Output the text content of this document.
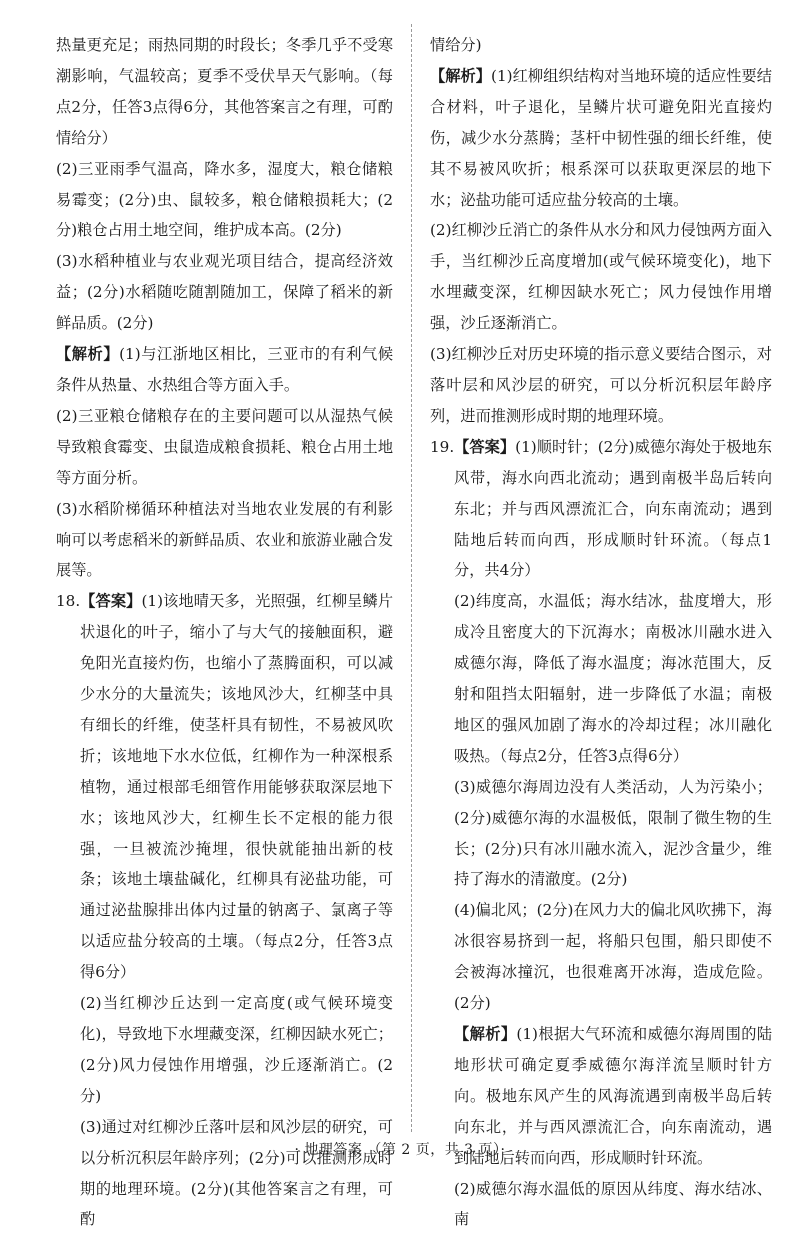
热量更充足；雨热同期的时段长；冬季几乎不受寒潮影响，气温较高；夏季不受伏旱天气影响。（每点2分，任答3点得6分，其他答案言之有理，可酌情给分）

(2)三亚雨季气温高，降水多，湿度大，粮仓储粮易霉变；(2分)虫、鼠较多，粮仓储粮损耗大；(2分)粮仓占用土地空间，维护成本高。(2分)

(3)水稻种植业与农业观光项目结合，提高经济效益；(2分)水稻随吃随割随加工，保障了稻米的新鲜品质。(2分)

【解析】(1)与江浙地区相比，三亚市的有利气候条件从热量、水热组合等方面入手。

(2)三亚粮仓储粮存在的主要问题可以从湿热气候导致粮食霉变、虫鼠造成粮食损耗、粮仓占用土地等方面分析。

(3)水稻阶梯循环种植法对当地农业发展的有利影响可以考虑稻米的新鲜品质、农业和旅游业融合发展等。

18.【答案】(1)该地晴天多，光照强，红柳呈鳞片状退化的叶子，缩小了与大气的接触面积，避免阳光直接灼伤，也缩小了蒸腾面积，可以减少水分的大量流失；该地风沙大，红柳茎中具有细长的纤维，使茎杆具有韧性，不易被风吹折；该地地下水水位低，红柳作为一种深根系植物，通过根部毛细管作用能够获取深层地下水；该地风沙大，红柳生长不定根的能力很强，一旦被流沙掩埋，很快就能抽出新的枝条；该地土壤盐碱化，红柳具有泌盐功能，可通过泌盐腺排出体内过量的钠离子、氯离子等以适应盐分较高的土壤。（每点2分，任答3点得6分）

(2)当红柳沙丘达到一定高度(或气候环境变化)，导致地下水埋藏变深，红柳因缺水死亡；(2分)风力侵蚀作用增强，沙丘逐渐消亡。(2分)

(3)通过对红柳沙丘落叶层和风沙层的研究，可以分析沉积层年龄序列；(2分)可以推测形成时期的地理环境。(2分)(其他答案言之有理，可酌

情给分)

【解析】(1)红柳组织结构对当地环境的适应性要结合材料，叶子退化，呈鳞片状可避免阳光直接灼伤，减少水分蒸腾；茎杆中韧性强的细长纤维，使其不易被风吹折；根系深可以获取更深层的地下水；泌盐功能可适应盐分较高的土壤。

(2)红柳沙丘消亡的条件从水分和风力侵蚀两方面入手，当红柳沙丘高度增加(或气候环境变化)，地下水埋藏变深，红柳因缺水死亡；风力侵蚀作用增强，沙丘逐渐消亡。

(3)红柳沙丘对历史环境的指示意义要结合图示，对落叶层和风沙层的研究，可以分析沉积层年龄序列，进而推测形成时期的地理环境。

19.【答案】(1)顺时针；(2分)威德尔海处于极地东风带，海水向西北流动；遇到南极半岛后转向东北；并与西风漂流汇合，向东南流动；遇到陆地后转而向西，形成顺时针环流。（每点1分，共4分）

(2)纬度高，水温低；海水结冰，盐度增大，形成冷且密度大的下沉海水；南极冰川融水进入威德尔海，降低了海水温度；海冰范围大，反射和阻挡太阳辐射，进一步降低了水温；南极地区的强风加剧了海水的冷却过程；冰川融化吸热。（每点2分，任答3点得6分）

(3)威德尔海周边没有人类活动，人为污染小；(2分)威德尔海的水温极低，限制了微生物的生长；(2分)只有冰川融水流入，泥沙含量少，维持了海水的清澈度。(2分)

(4)偏北风；(2分)在风力大的偏北风吹拂下，海冰很容易挤到一起，将船只包围，船只即使不会被海冰撞沉，也很难离开冰海，造成危险。(2分)

【解析】(1)根据大气环流和威德尔海周围的陆地形状可确定夏季威德尔海洋流呈顺时针方向。极地东风产生的风海流遇到南极半岛后转向东北，并与西风漂流汇合，向东南流动，遇到陆地后转而向西，形成顺时针环流。

(2)威德尔海水温低的原因从纬度、海水结冰、南

· 地理答案 （第 2 页，共 3 页）·
